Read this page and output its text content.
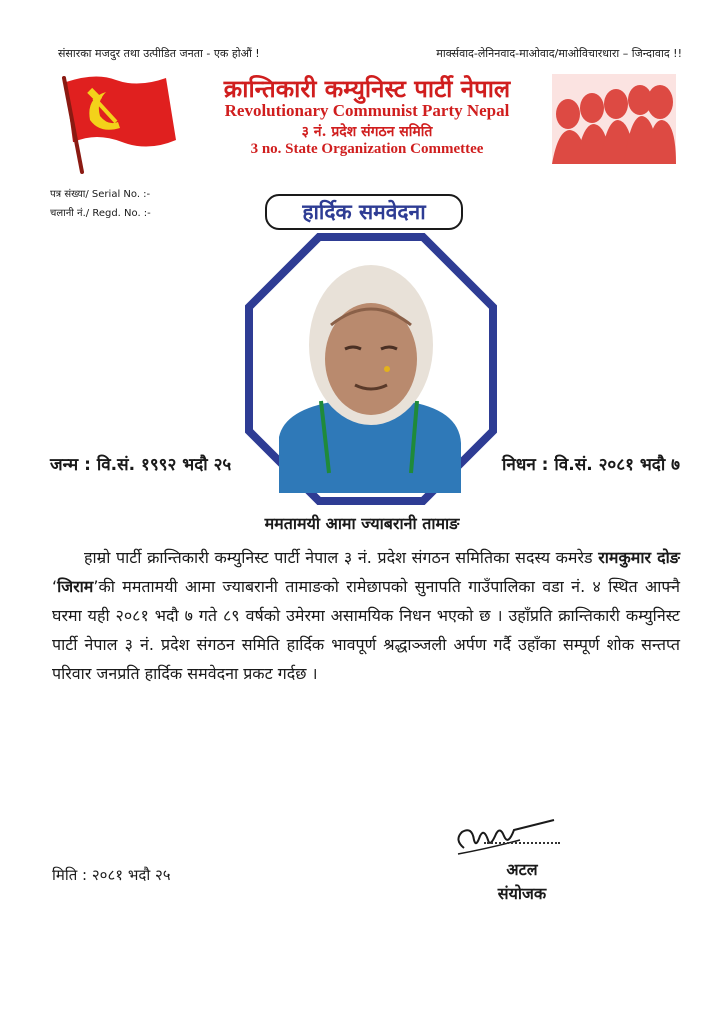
संसारका मजदुर तथा उत्पीडित जनता - एक होऔं !	मार्क्सवाद-लेनिनवाद-माओवाद/माओविचारधारा – जिन्दावाद !!
क्रान्तिकारी कम्युनिस्ट पार्टी नेपाल
Revolutionary Communist Party Nepal
३ नं. प्रदेश संगठन समिति
3 no. State Organization Commettee
पत्र संख्या/ Serial No. :-
चलानी नं./ Regd. No. :-	हार्दिक समवेदना
जन्म : वि.सं. १९९२ भदौ २५	निधन : वि.सं. २०८१ भदौ ७
ममतामयी आमा ज्याबरानी तामाङ
हाम्रो पार्टी क्रान्तिकारी कम्युनिस्ट पार्टी नेपाल ३ नं. प्रदेश संगठन समितिका सदस्य कमरेड रामकुमार दोङ ‘जिराम’की ममतामयी आमा ज्याबरानी तामाङको रामेछापको सुनापति गाउँपालिका वडा नं. ४ स्थित आफ्नै घरमा यही २०८१ भदौ ७ गते ८९ वर्षको उमेरमा असामयिक निधन भएको छ । उहाँप्रति क्रान्तिकारी कम्युनिस्ट पार्टी नेपाल ३ नं. प्रदेश संगठन समिति हार्दिक भावपूर्ण श्रद्धाञ्जली अर्पण गर्दै उहाँका सम्पूर्ण शोक सन्तप्त परिवार जनप्रति हार्दिक समवेदना प्रकट गर्दछ ।
मिति : २०८१ भदौ २५	अटल
संयोजक
